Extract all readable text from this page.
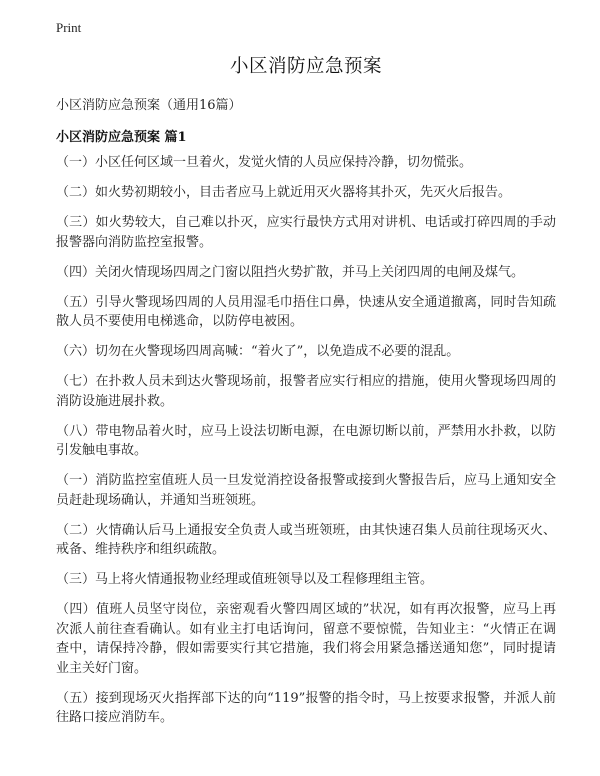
Print
小区消防应急预案
小区消防应急预案（通用16篇）
小区消防应急预案 篇1

（一）小区任何区域一旦着火，发觉火情的人员应保持冷静，切勿慌张。

（二）如火势初期较小，目击者应马上就近用灭火器将其扑灭，先灭火后报告。

（三）如火势较大，自己难以扑灭，应实行最快方式用对讲机、电话或打碎四周的手动报警器向消防监控室报警。

（四）关闭火情现场四周之门窗以阻挡火势扩散，并马上关闭四周的电闸及煤气。

（五）引导火警现场四周的人员用湿毛巾捂住口鼻，快速从安全通道撤离，同时告知疏散人员不要使用电梯逃命，以防停电被困。

（六）切勿在火警现场四周高喊：“着火了”，以免造成不必要的混乱。

（七）在扑救人员未到达火警现场前，报警者应实行相应的措施，使用火警现场四周的消防设施进展扑救。

（八）带电物品着火时，应马上设法切断电源，在电源切断以前，严禁用水扑救，以防引发触电事故。

（一）消防监控室值班人员一旦发觉消控设备报警或接到火警报告后，应马上通知安全员赶赴现场确认，并通知当班领班。

（二）火情确认后马上通报安全负责人或当班领班，由其快速召集人员前往现场灭火、戒备、维持秩序和组织疏散。

（三）马上将火情通报物业经理或值班领导以及工程修理组主管。

（四）值班人员坚守岗位，亲密观看火警四周区域的”状况，如有再次报警，应马上再次派人前往查看确认。如有业主打电话询问，留意不要惊慌，告知业主：“火情正在调查中，请保持冷静，假如需要实行其它措施，我们将会用紧急播送通知您”，同时提请业主关好门窗。

（五）接到现场灭火指挥部下达的向“119”报警的指令时，马上按要求报警，并派人前往路口接应消防车。
